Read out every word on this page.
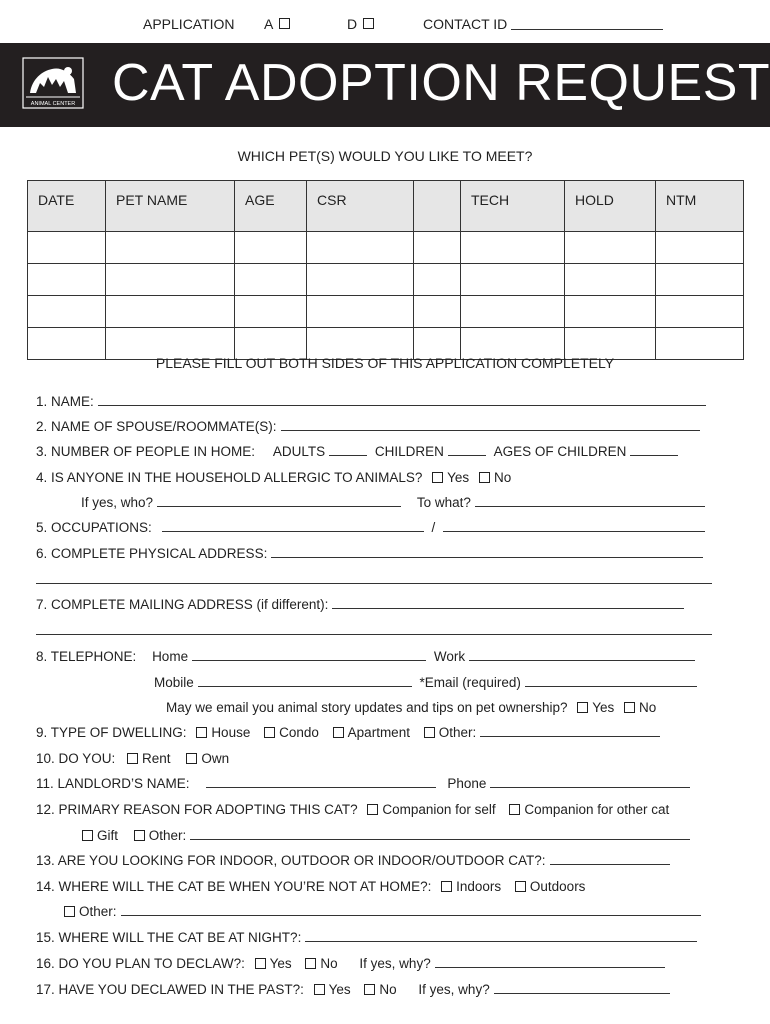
APPLICATION A	D	CONTACT ID
ANIMAL CENTER CAT ADOPTION REQUEST
WHICH PET(S) WOULD YOU LIKE TO MEET?
DATE	PET NAME	AGE	CSR		TECH	HOLD	NTM

PLEASE FILL OUT BOTH SIDES OF THIS APPLICATION COMPLETELY
1. NAME:
2. NAME OF SPOUSE/ROOMMATE(S):
3. NUMBER OF PEOPLE IN HOME: ADULTS	CHILDREN	AGES OF CHILDREN
4. IS ANYONE IN THE HOUSEHOLD ALLERGIC TO ANIMALS? Yes No
If yes, who?	To what?
5. OCCUPATIONS:	/
6. COMPLETE PHYSICAL ADDRESS:
7. COMPLETE MAILING ADDRESS (if different):
8. TELEPHONE: Home	Work
Mobile	*Email (required)
May we email you animal story updates and tips on pet ownership? Yes No
9. TYPE OF DWELLING: House Condo Apartment Other:
10. DO YOU: Rent Own
11. LANDLORD’S NAME:	Phone
12. PRIMARY REASON FOR ADOPTING THIS CAT? Companion for self Companion for other cat
Gift Other:
13. ARE YOU LOOKING FOR INDOOR, OUTDOOR OR INDOOR/OUTDOOR CAT?:
14. WHERE WILL THE CAT BE WHEN YOU’RE NOT AT HOME?: Indoors Outdoors
Other:
15. WHERE WILL THE CAT BE AT NIGHT?:
16. DO YOU PLAN TO DECLAW?: Yes No If yes, why?
17. HAVE YOU DECLAWED IN THE PAST?: Yes No If yes, why?
